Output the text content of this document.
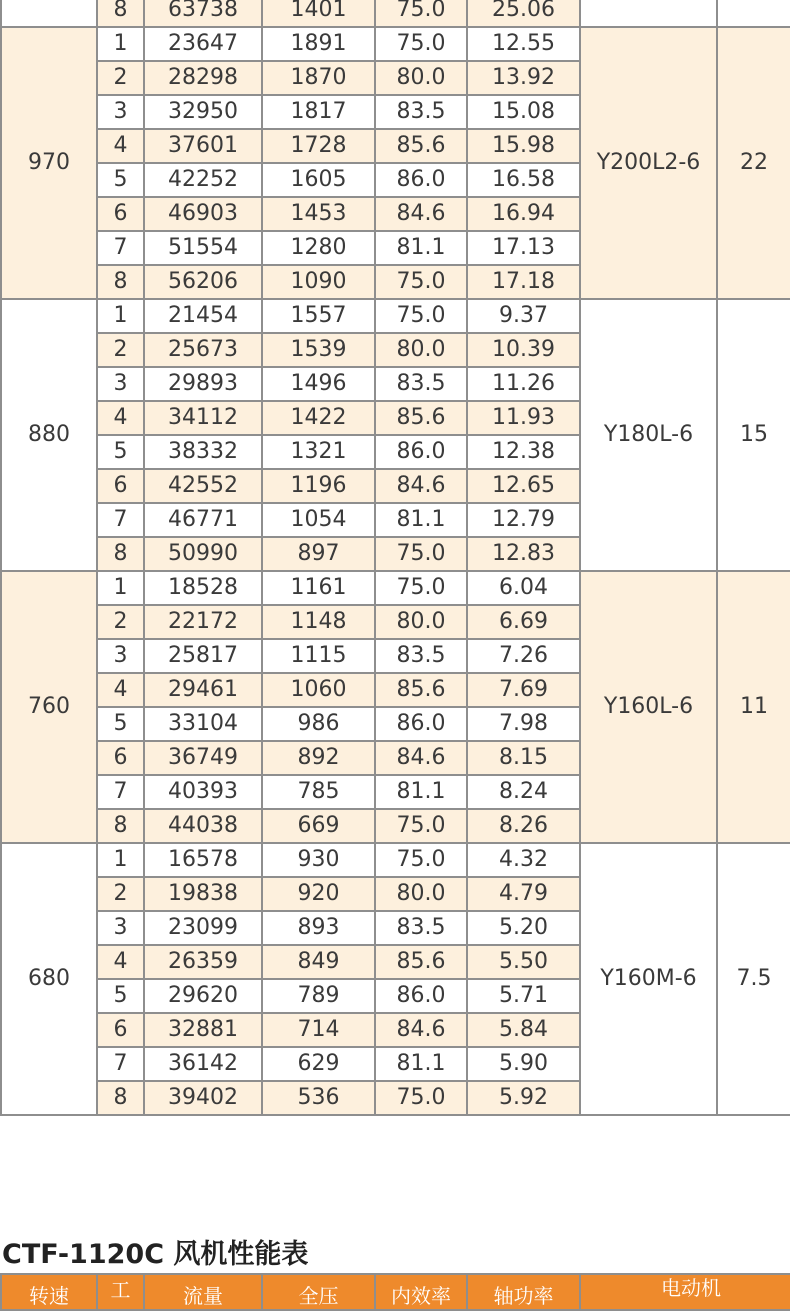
	8	63738	1401	75.0	25.06		
970	1	23647	1891	75.0	12.55	Y200L2-6	22
	2	28298	1870	80.0	13.92		
	3	32950	1817	83.5	15.08		
	4	37601	1728	85.6	15.98		
	5	42252	1605	86.0	16.58		
	6	46903	1453	84.6	16.94		
	7	51554	1280	81.1	17.13		
	8	56206	1090	75.0	17.18		
880	1	21454	1557	75.0	9.37	Y180L-6	15
	2	25673	1539	80.0	10.39		
	3	29893	1496	83.5	11.26		
	4	34112	1422	85.6	11.93		
	5	38332	1321	86.0	12.38		
	6	42552	1196	84.6	12.65		
	7	46771	1054	81.1	12.79		
	8	50990	897	75.0	12.83		
760	1	18528	1161	75.0	6.04	Y160L-6	11
	2	22172	1148	80.0	6.69		
	3	25817	1115	83.5	7.26		
	4	29461	1060	85.6	7.69		
	5	33104	986	86.0	7.98		
	6	36749	892	84.6	8.15		
	7	40393	785	81.1	8.24		
	8	44038	669	75.0	8.26		
680	1	16578	930	75.0	4.32	Y160M-6	7.5
	2	19838	920	80.0	4.79		
	3	23099	893	83.5	5.20		
	4	26359	849	85.6	5.50		
	5	29620	789	86.0	5.71		
	6	32881	714	84.6	5.84		
	7	36142	629	81.1	5.90		
	8	39402	536	75.0	5.92		
CTF-1120C 风机性能表
转速	工	流量	全压	内效率	轴功率	电动机
